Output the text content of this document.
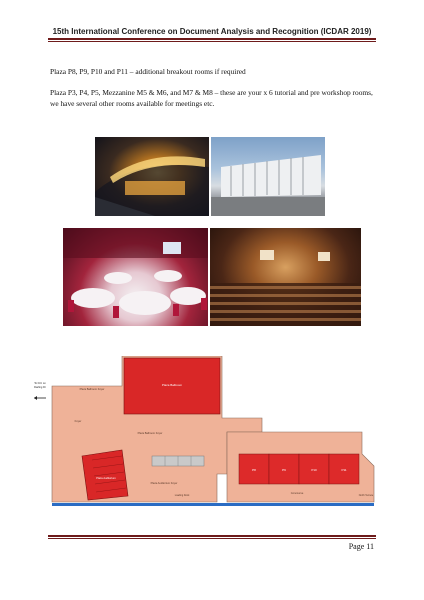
15th International Conference on Document Analysis and Recognition (ICDAR 2019)
Plaza P8, P9, P10 and P11 – additional breakout rooms if required
Plaza P3, P4, P5, Mezzanine M5 & M6, and M7 & M8 – these are your x 6 tutorial and pre workshop rooms, we have several other rooms available for meetings etc.
Plaza Ballroom
Plaza Ballroom Foyer
Plaza Ballroom Foyer
Foyer
Plaza Auditorium
Plaza Auditorium Foyer
P8	P9	P10	P11
Concourse
North Terrace
Loading Dock
To ICC on
Darling Dr
Page 11
